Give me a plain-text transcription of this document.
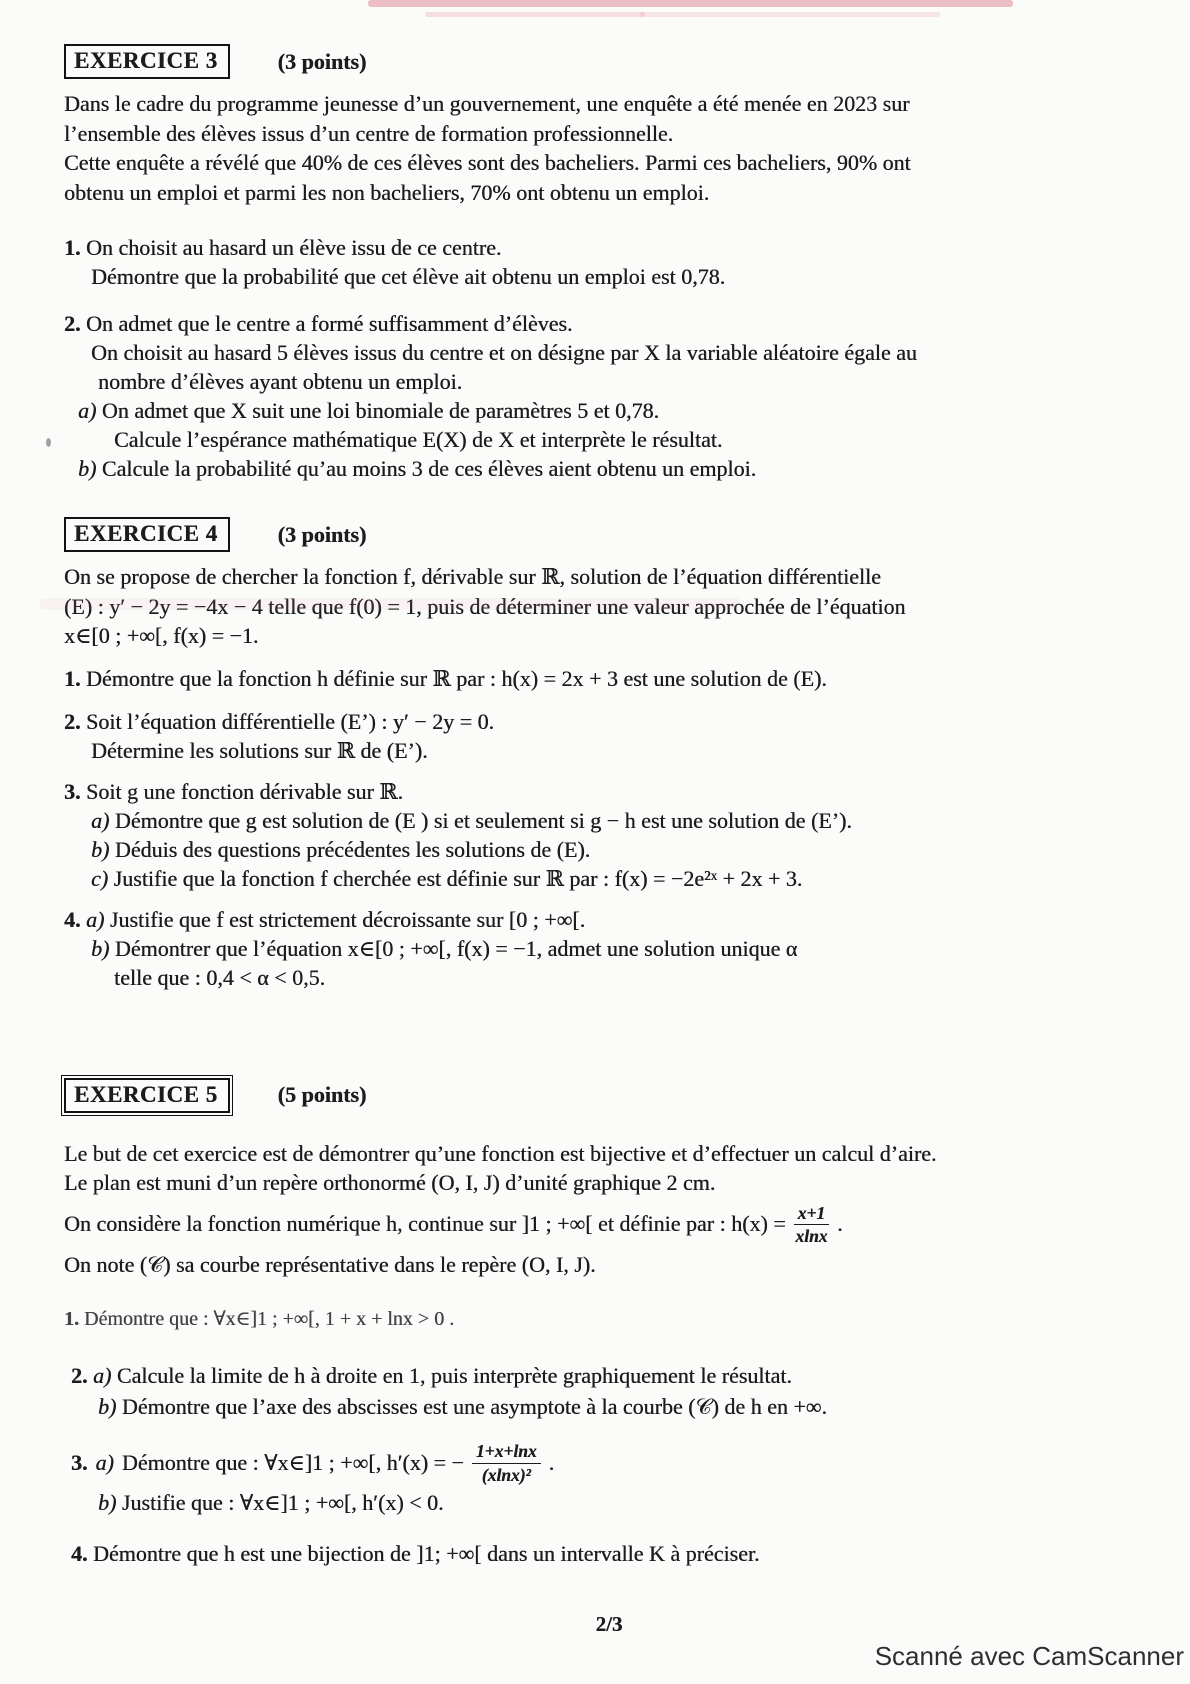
EXERCICE 3	(3 points)
Dans le cadre du programme jeunesse d’un gouvernement, une enquête a été menée en 2023 sur
l’ensemble des élèves issus d’un centre de formation professionnelle.
Cette enquête a révélé que 40% de ces élèves sont des bacheliers. Parmi ces bacheliers, 90% ont
obtenu un emploi et parmi les non bacheliers, 70% ont obtenu un emploi.
1. On choisit au hasard un élève issu de ce centre.
Démontre que la probabilité que cet élève ait obtenu un emploi est 0,78.
2. On admet que le centre a formé suffisamment d’élèves.
On choisit au hasard 5 élèves issus du centre et on désigne par X la variable aléatoire égale au
nombre d’élèves ayant obtenu un emploi.
a) On admet que X suit une loi binomiale de paramètres 5 et 0,78.
Calcule l’espérance mathématique E(X) de X et interprète le résultat.
b) Calcule la probabilité qu’au moins 3 de ces élèves aient obtenu un emploi.
EXERCICE 4	(3 points)
On se propose de chercher la fonction f, dérivable sur ℝ, solution de l’équation différentielle
(E) : y′ − 2y = −4x − 4 telle que f(0) = 1, puis de déterminer une valeur approchée de l’équation
x∈[0 ; +∞[, f(x) = −1.
1. Démontre que la fonction h définie sur ℝ par : h(x) = 2x + 3 est une solution de (E).
2. Soit l’équation différentielle (E’) : y′ − 2y = 0.
Détermine les solutions sur ℝ de (E’).
3. Soit g une fonction dérivable sur ℝ.
a) Démontre que g est solution de (E ) si et seulement si g − h est une solution de (E’).
b) Déduis des questions précédentes les solutions de (E).
c) Justifie que la fonction f cherchée est définie sur ℝ par : f(x) = −2e²ˣ + 2x + 3.
4. a) Justifie que f est strictement décroissante sur [0 ; +∞[.
b) Démontrer que l’équation x∈[0 ; +∞[, f(x) = −1, admet une solution unique α
telle que : 0,4 < α < 0,5.
EXERCICE 5	(5 points)
Le but de cet exercice est de démontrer qu’une fonction est bijective et d’effectuer un calcul d’aire.
Le plan est muni d’un repère orthonormé (O, I, J) d’unité graphique 2 cm.
On considère la fonction numérique h, continue sur ]1 ; +∞[ et définie par : $h(x) = \frac{x+1}{xlnx}$ .
On note (𝒞) sa courbe représentative dans le repère (O, I, J).
1. Démontre que : ∀x∈]1 ; +∞[, 1 + x + lnx > 0 .
2. a) Calcule la limite de h à droite en 1, puis interprète graphiquement le résultat.
b) Démontre que l’axe des abscisses est une asymptote à la courbe (𝒞) de h en +∞.
3. a) Démontre que : ∀x∈]1 ; +∞[, h′(x) = − $\frac{1+x+\ln x}{\text{(xlnx)²}}$ .
b) Justifie que : ∀x∈]1 ; +∞[, h′(x) < 0.
4. Démontre que h est une bijection de ]1; +∞[ dans un intervalle K à préciser.
2/3
Scanné avec CamScanner
